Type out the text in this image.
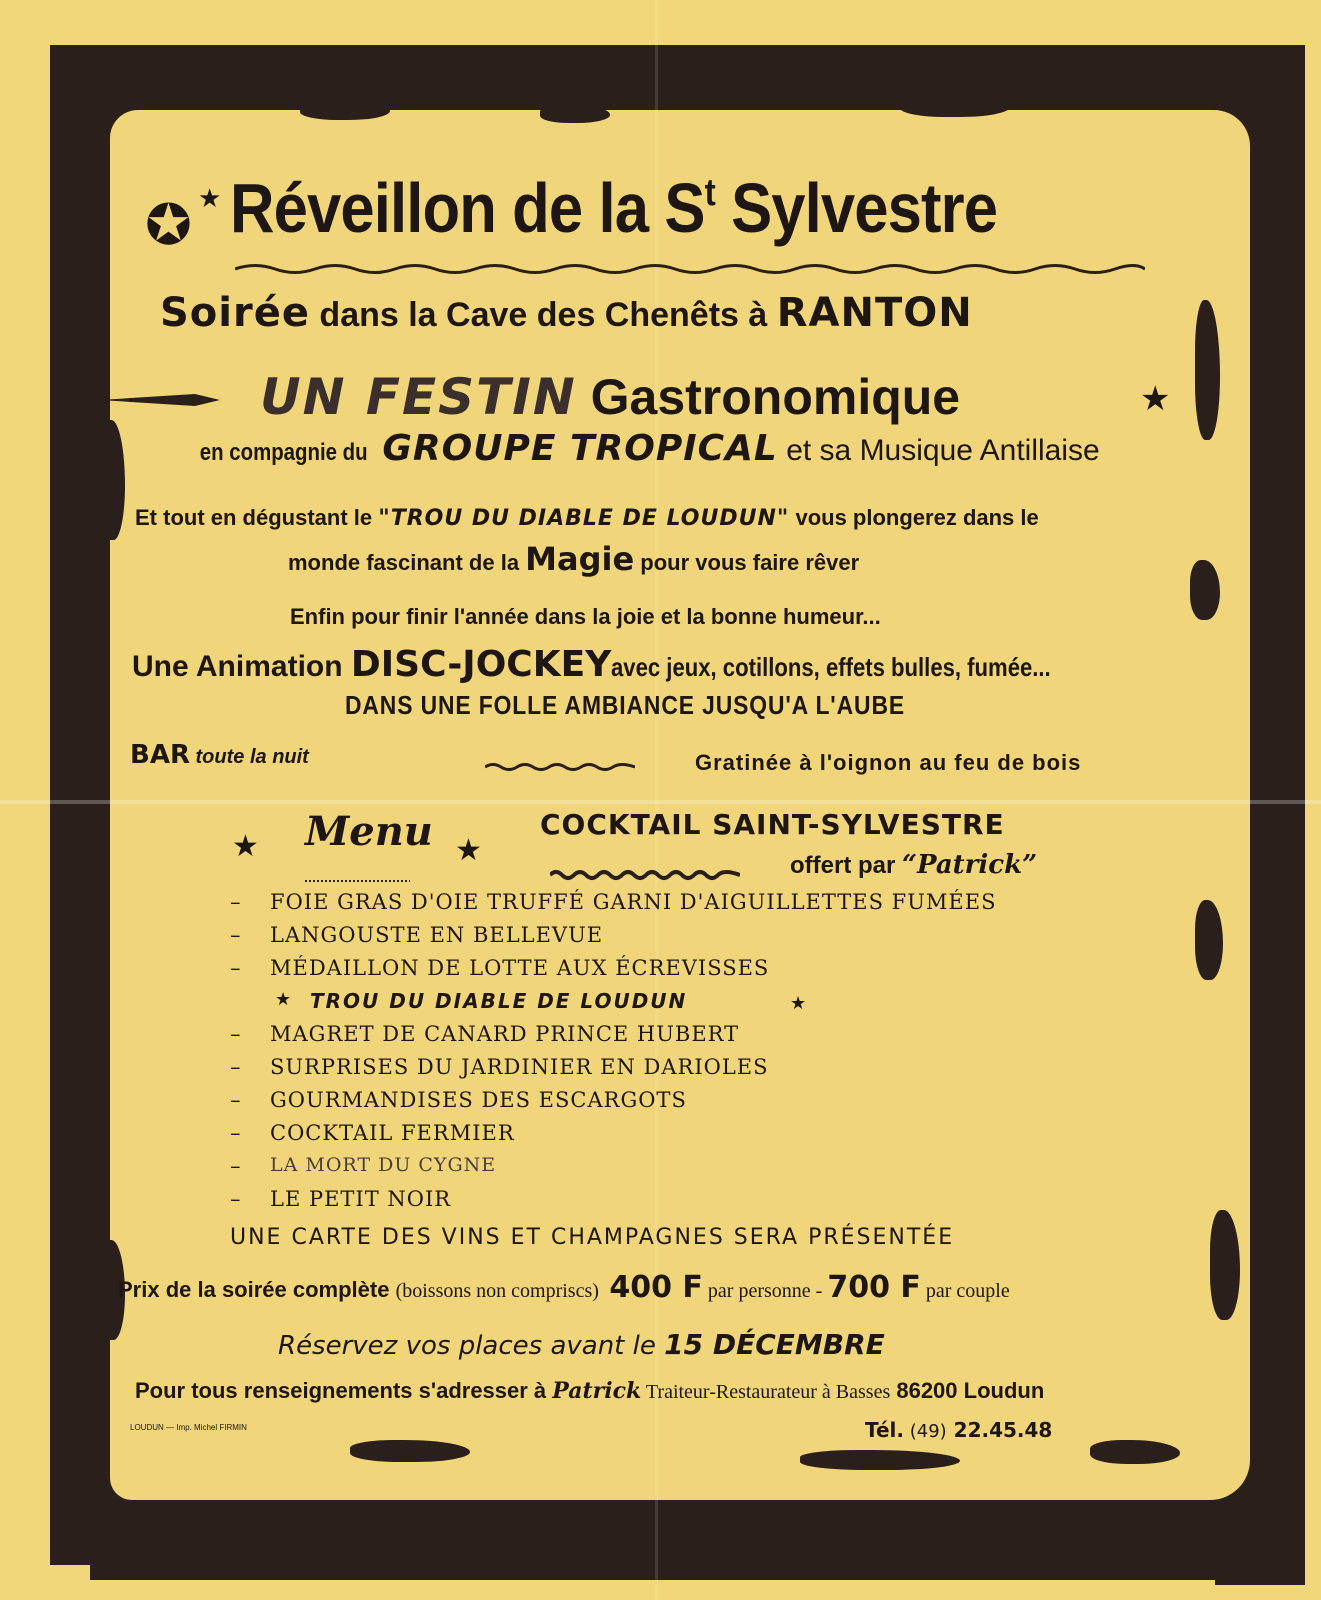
✪ ★ Réveillon de la $S^t$ Sylvestre
Soirée dans la Cave des Chenêts à RANTON
UN FESTIN Gastronomique	★
en compagnie duGROUPE TROPICAL et sa Musique Antillaise
Et tout en dégustant le "TROU DU DIABLE DE LOUDUN" vous plongerez dans le
monde fascinant de la Magie pour vous faire rêver
Enfin pour finir l'année dans la joie et la bonne humeur...
Une Animation DISC-JOCKEYavec jeux, cotillons, effets bulles, fumée...
DANS UNE FOLLE AMBIANCE JUSQU'A L'AUBE
BAR toute la nuit	Gratinée à l'oignon au feu de bois
★ Menu ★
COCKTAIL SAINT-SYLVESTRE
offert par “Patrick”
– FOIE GRAS D'OIE TRUFFÉ GARNI D'AIGUILLETTES FUMÉES
– LANGOUSTE EN BELLEVUE
– MÉDAILLON DE LOTTE AUX ÉCREVISSES
★ TROU DU DIABLE DE LOUDUN	★
– MAGRET DE CANARD PRINCE HUBERT
– SURPRISES DU JARDINIER EN DARIOLES
– GOURMANDISES DES ESCARGOTS
– COCKTAIL FERMIER
– LA MORT DU CYGNE
– LE PETIT NOIR
UNE CARTE DES VINS ET CHAMPAGNES SERA PRÉSENTÉE
Prix de la soirée complète (boissons non compriscs) 400 F par personne - 700 F par couple
Réservez vos places avant le 15 DÉCEMBRE
Pour tous renseignements s'adresser à Patrick Traiteur-Restaurateur à Basses 86200 Loudun
LOUDUN — Imp. Michel FIRMIN	Tél. (49) 22.45.48
